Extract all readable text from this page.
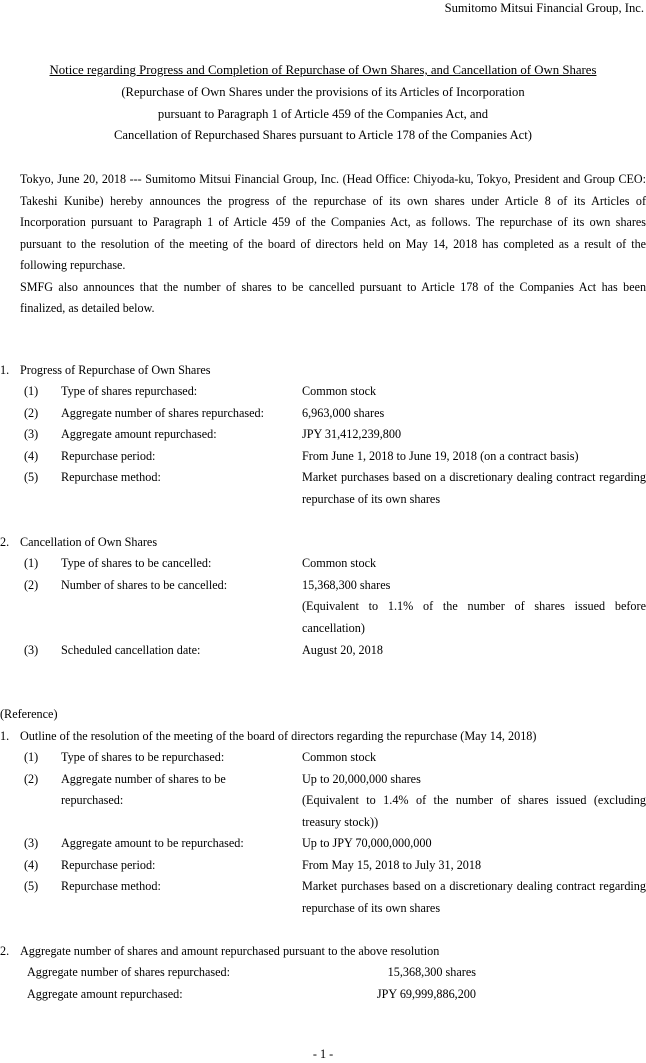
Sumitomo Mitsui Financial Group, Inc.
Notice regarding Progress and Completion of Repurchase of Own Shares, and Cancellation of Own Shares
(Repurchase of Own Shares under the provisions of its Articles of Incorporation
pursuant to Paragraph 1 of Article 459 of the Companies Act, and
Cancellation of Repurchased Shares pursuant to Article 178 of the Companies Act)

Tokyo, June 20, 2018 --- Sumitomo Mitsui Financial Group, Inc. (Head Office: Chiyoda-ku, Tokyo, President and Group CEO: Takeshi Kunibe) hereby announces the progress of the repurchase of its own shares under Article 8 of its Articles of Incorporation pursuant to Paragraph 1 of Article 459 of the Companies Act, as follows. The repurchase of its own shares pursuant to the resolution of the meeting of the board of directors held on May 14, 2018 has completed as a result of the following repurchase.

SMFG also announces that the number of shares to be cancelled pursuant to Article 178 of the Companies Act has been finalized, as detailed below.

1. Progress of Repurchase of Own Shares
(1) Type of shares repurchased:	Common stock
(2) Aggregate number of shares repurchased:	6,963,000 shares
(3) Aggregate amount repurchased:	JPY 31,412,239,800
(4) Repurchase period:	From June 1, 2018 to June 19, 2018 (on a contract basis)
(5) Repurchase method:	Market purchases based on a discretionary dealing contract regarding repurchase of its own shares
2. Cancellation of Own Shares
(1) Type of shares to be cancelled:	Common stock
(2) Number of shares to be cancelled:	15,368,300 shares
(Equivalent to 1.1% of the number of shares issued before cancellation)
(3) Scheduled cancellation date:	August 20, 2018
(Reference)
1. Outline of the resolution of the meeting of the board of directors regarding the repurchase (May 14, 2018)
(1) Type of shares to be repurchased:	Common stock
(2) Aggregate number of shares to be
repurchased:
Up to 20,000,000 shares
(Equivalent to 1.4% of the number of shares issued (excluding treasury stock))
(3) Aggregate amount to be repurchased:	Up to JPY 70,000,000,000
(4) Repurchase period:	From May 15, 2018 to July 31, 2018
(5) Repurchase method:	Market purchases based on a discretionary dealing contract regarding repurchase of its own shares
2. Aggregate number of shares and amount repurchased pursuant to the above resolution
Aggregate number of shares repurchased:	15,368,300 shares
Aggregate amount repurchased:	JPY 69,999,886,200
- 1 -
